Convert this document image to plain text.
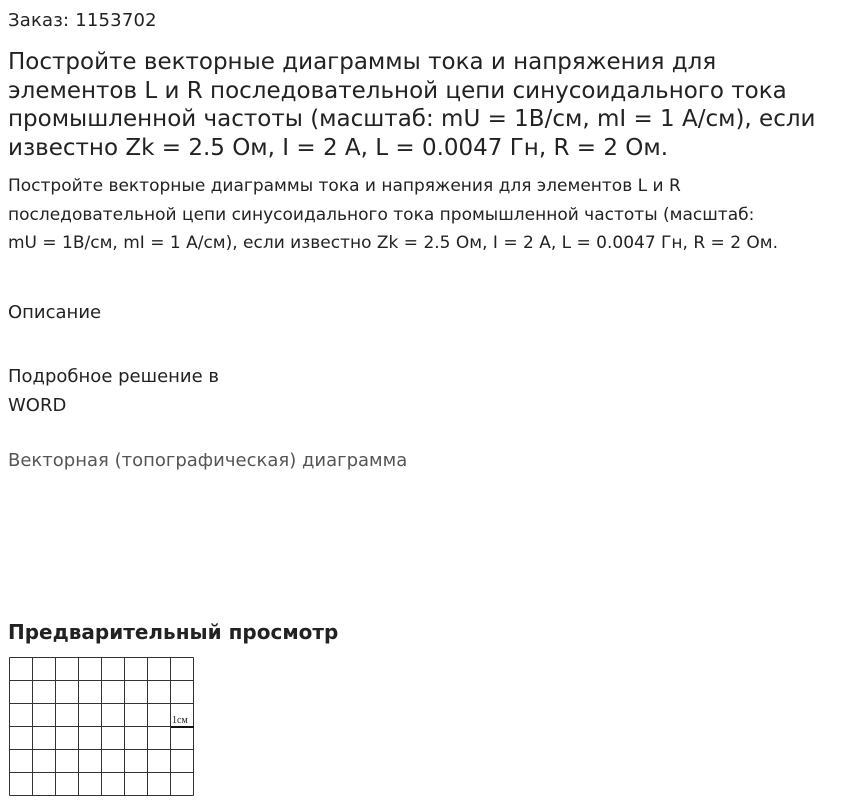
Заказ: 1153702
Постройте векторные диаграммы тока и напряжения для элементов L и R последовательной цепи синусоидального тока промышленной частоты (масштаб: mU = 1В/см, mI = 1 А/см), если известно Zk = 2.5 Ом, I = 2 А, L = 0.0047 Гн, R = 2 Ом.

Постройте векторные диаграммы тока и напряжения для элементов L и R последовательной цепи синусоидального тока промышленной частоты (масштаб: mU = 1В/см, mI = 1 А/см), если известно Zk = 2.5 Ом, I = 2 А, L = 0.0047 Гн, R = 2 Ом.

Описание
Подробное решение в WORD
Векторная (топографическая) диаграмма
Предварительный просмотр
1см
